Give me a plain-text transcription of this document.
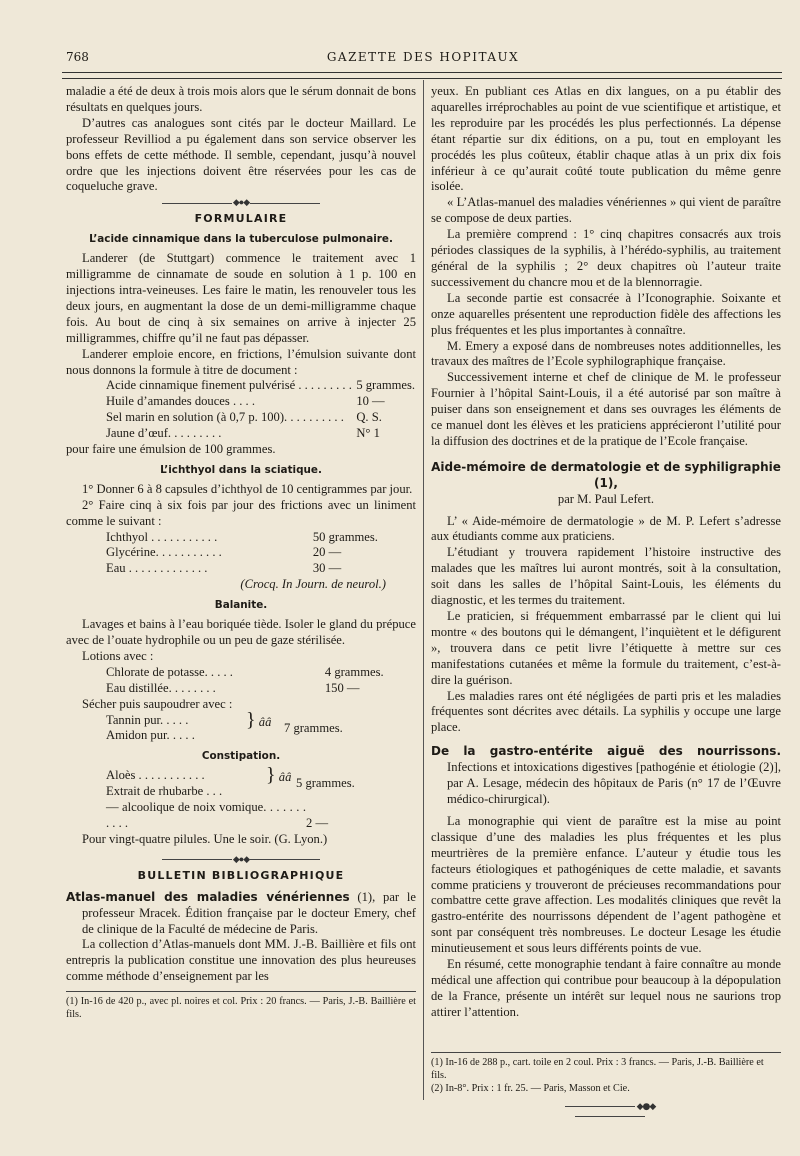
768	GAZETTE DES HOPITAUX

maladie a été de deux à trois mois alors que le sérum donnait de bons résultats en quelques jours.

D’autres cas analogues sont cités par le docteur Maillard. Le professeur Revilliod a pu également dans son service observer les bons effets de cette méthode. Il semble, cependant, jusqu’à nouvel ordre que les injections doivent être réservées pour les cas de coqueluche grave.

◆●◆
FORMULAIRE
L’acide cinnamique dans la tuberculose pulmonaire.

Landerer (de Stuttgart) commence le traitement avec 1 milligramme de cinnamate de soude en solution à 1 p. 100 en injections intra-veineuses. Les faire le matin, les renouveler tous les deux jours, en augmentant la dose de un demi-milligramme chaque fois. Au bout de cinq à six semaines on arrive à injecter 25 milligrammes, chiffre qu’il ne faut pas dépasser.

Landerer emploie encore, en frictions, l’émulsion suivante dont nous donnons la formule à titre de document :

Acide cinnamique finement pulvérisé . . . . . . . . .	5 grammes.
Huile d’amandes douces . . . .	10 —
Sel marin en solution (à 0,7 p. 100). . . . . . . . . .	Q. S.
Jaune d’œuf. . . . . . . . .	N° 1

pour faire une émulsion de 100 grammes.

L’ichthyol dans la sciatique.

1° Donner 6 à 8 capsules d’ichthyol de 10 centigrammes par jour.

2° Faire cinq à six fois par jour des frictions avec un liniment comme le suivant :

Ichthyol . . . . . . . . . . .	50 grammes.
Glycérine. . . . . . . . . . .	20 —
Eau . . . . . . . . . . . . .	30 —

(Crocq. In Journ. de neurol.)

Balanite.

Lavages et bains à l’eau boriquée tiède. Isoler le gland du prépuce avec de l’ouate hydrophile ou un peu de gaze stérilisée.

Lotions avec :

Chlorate de potasse. . . . .	4 grammes.
Eau distillée. . . . . . . .	150 —

Sécher puis saupoudrer avec :

Tannin pur. . . . .
Amidon pur. . . . .
	} ââ	7 grammes.
Constipation.
Aloès . . . . . . . . . . .
Extrait de rhubarbe . . .
	} ââ	5 grammes.
— alcoolique de noix vomique. . . . . . . . . . .	2 —

Pour vingt-quatre pilules. Une le soir. (G. Lyon.)

◆●◆
BULLETIN BIBLIOGRAPHIQUE

Atlas-manuel des maladies vénériennes (1), par le professeur Mracek. Édition française par le docteur Emery, chef de clinique de la Faculté de médecine de Paris.

La collection d’Atlas-manuels dont MM. J.-B. Baillière et fils ont entrepris la publication constitue une innovation des plus heureuses comme méthode d’enseignement par les

(1) In-16 de 420 p., avec pl. noires et col. Prix : 20 francs. — Paris, J.-B. Baillière et fils.

yeux. En publiant ces Atlas en dix langues, on a pu établir des aquarelles irréprochables au point de vue scientifique et artistique, et les reproduire par les procédés les plus perfectionnés. La dépense étant répartie sur dix éditions, on a pu, tout en employant les procédés les plus coûteux, établir chaque atlas à un prix dix fois inférieur à ce qu’aurait coûté toute publication du même genre isolée.

« L’Atlas-manuel des maladies vénériennes » qui vient de paraître se compose de deux parties.

La première comprend : 1° cinq chapitres consacrés aux trois périodes classiques de la syphilis, à l’hérédo-syphilis, au traitement général de la syphilis ; 2° deux chapitres où l’auteur traite successivement du chancre mou et de la blennorragie.

La seconde partie est consacrée à l’Iconographie. Soixante et onze aquarelles présentent une reproduction fidèle des affections les plus fréquentes et les plus importantes à connaître.

M. Emery a exposé dans de nombreuses notes additionnelles, les travaux des maîtres de l’Ecole syphilographique française.

Successivement interne et chef de clinique de M. le professeur Fournier à l’hôpital Saint-Louis, il a été autorisé par son maître à puiser dans son enseignement et dans ses ouvrages les éléments de ce manuel dont les élèves et les praticiens apprécieront l’utilité pour la diffusion des doctrines et de la pratique de l’Ecole française.

Aide-mémoire de dermatologie et de syphiligraphie (1),
par M. Paul Lefert.

L’ « Aide-mémoire de dermatologie » de M. P. Lefert s’adresse aux étudiants comme aux praticiens.

L’étudiant y trouvera rapidement l’histoire instructive des malades que les maîtres lui auront montrés, soit à la consultation, soit dans les salles de l’hôpital Saint-Louis, les éléments du diagnostic, et les termes du traitement.

Le praticien, si fréquemment embarrassé par le client qui lui montre « des boutons qui le démangent, l’inquiètent et le défigurent », trouvera dans ce petit livre l’étiquette à mettre sur ces manifestations cutanées et même la formule du traitement, c’est-à-dire la guérison.

Les maladies rares ont été négligées de parti pris et les maladies fréquentes sont décrites avec détails. La syphilis y occupe une large place.

De la gastro-entérite aiguë des nourrissons. Infections et intoxications digestives [pathogénie et étiologie (2)], par A. Lesage, médecin des hôpitaux de Paris (n° 17 de l’Œuvre médico-chirurgical).

La monographie qui vient de paraître est la mise au point classique d’une des maladies les plus fréquentes et les plus meurtrières de la première enfance. L’auteur y étudie tous les facteurs étiologiques et pathogéniques de cette maladie, et savants comme praticiens y trouveront de précieuses recommandations pour combattre cette grave affection. Les modalités cliniques que revêt la gastro-entérite des nourrissons dépendent de l’agent pathogène et sont par conséquent très nombreuses. Le docteur Lesage les étudie minutieusement et sous leurs différents points de vue.

En résumé, cette monographie tendant à faire connaître au monde médical une affection qui contribue pour beaucoup à la dépopulation de la France, présente un intérêt sur lequel nous ne saurions trop attirer l’attention.

(1) In-16 de 288 p., cart. toile en 2 coul. Prix : 3 francs. — Paris, J.-B. Baillière et fils.

(2) In-8°. Prix : 1 fr. 25. — Paris, Masson et Cie.

◆●◆
